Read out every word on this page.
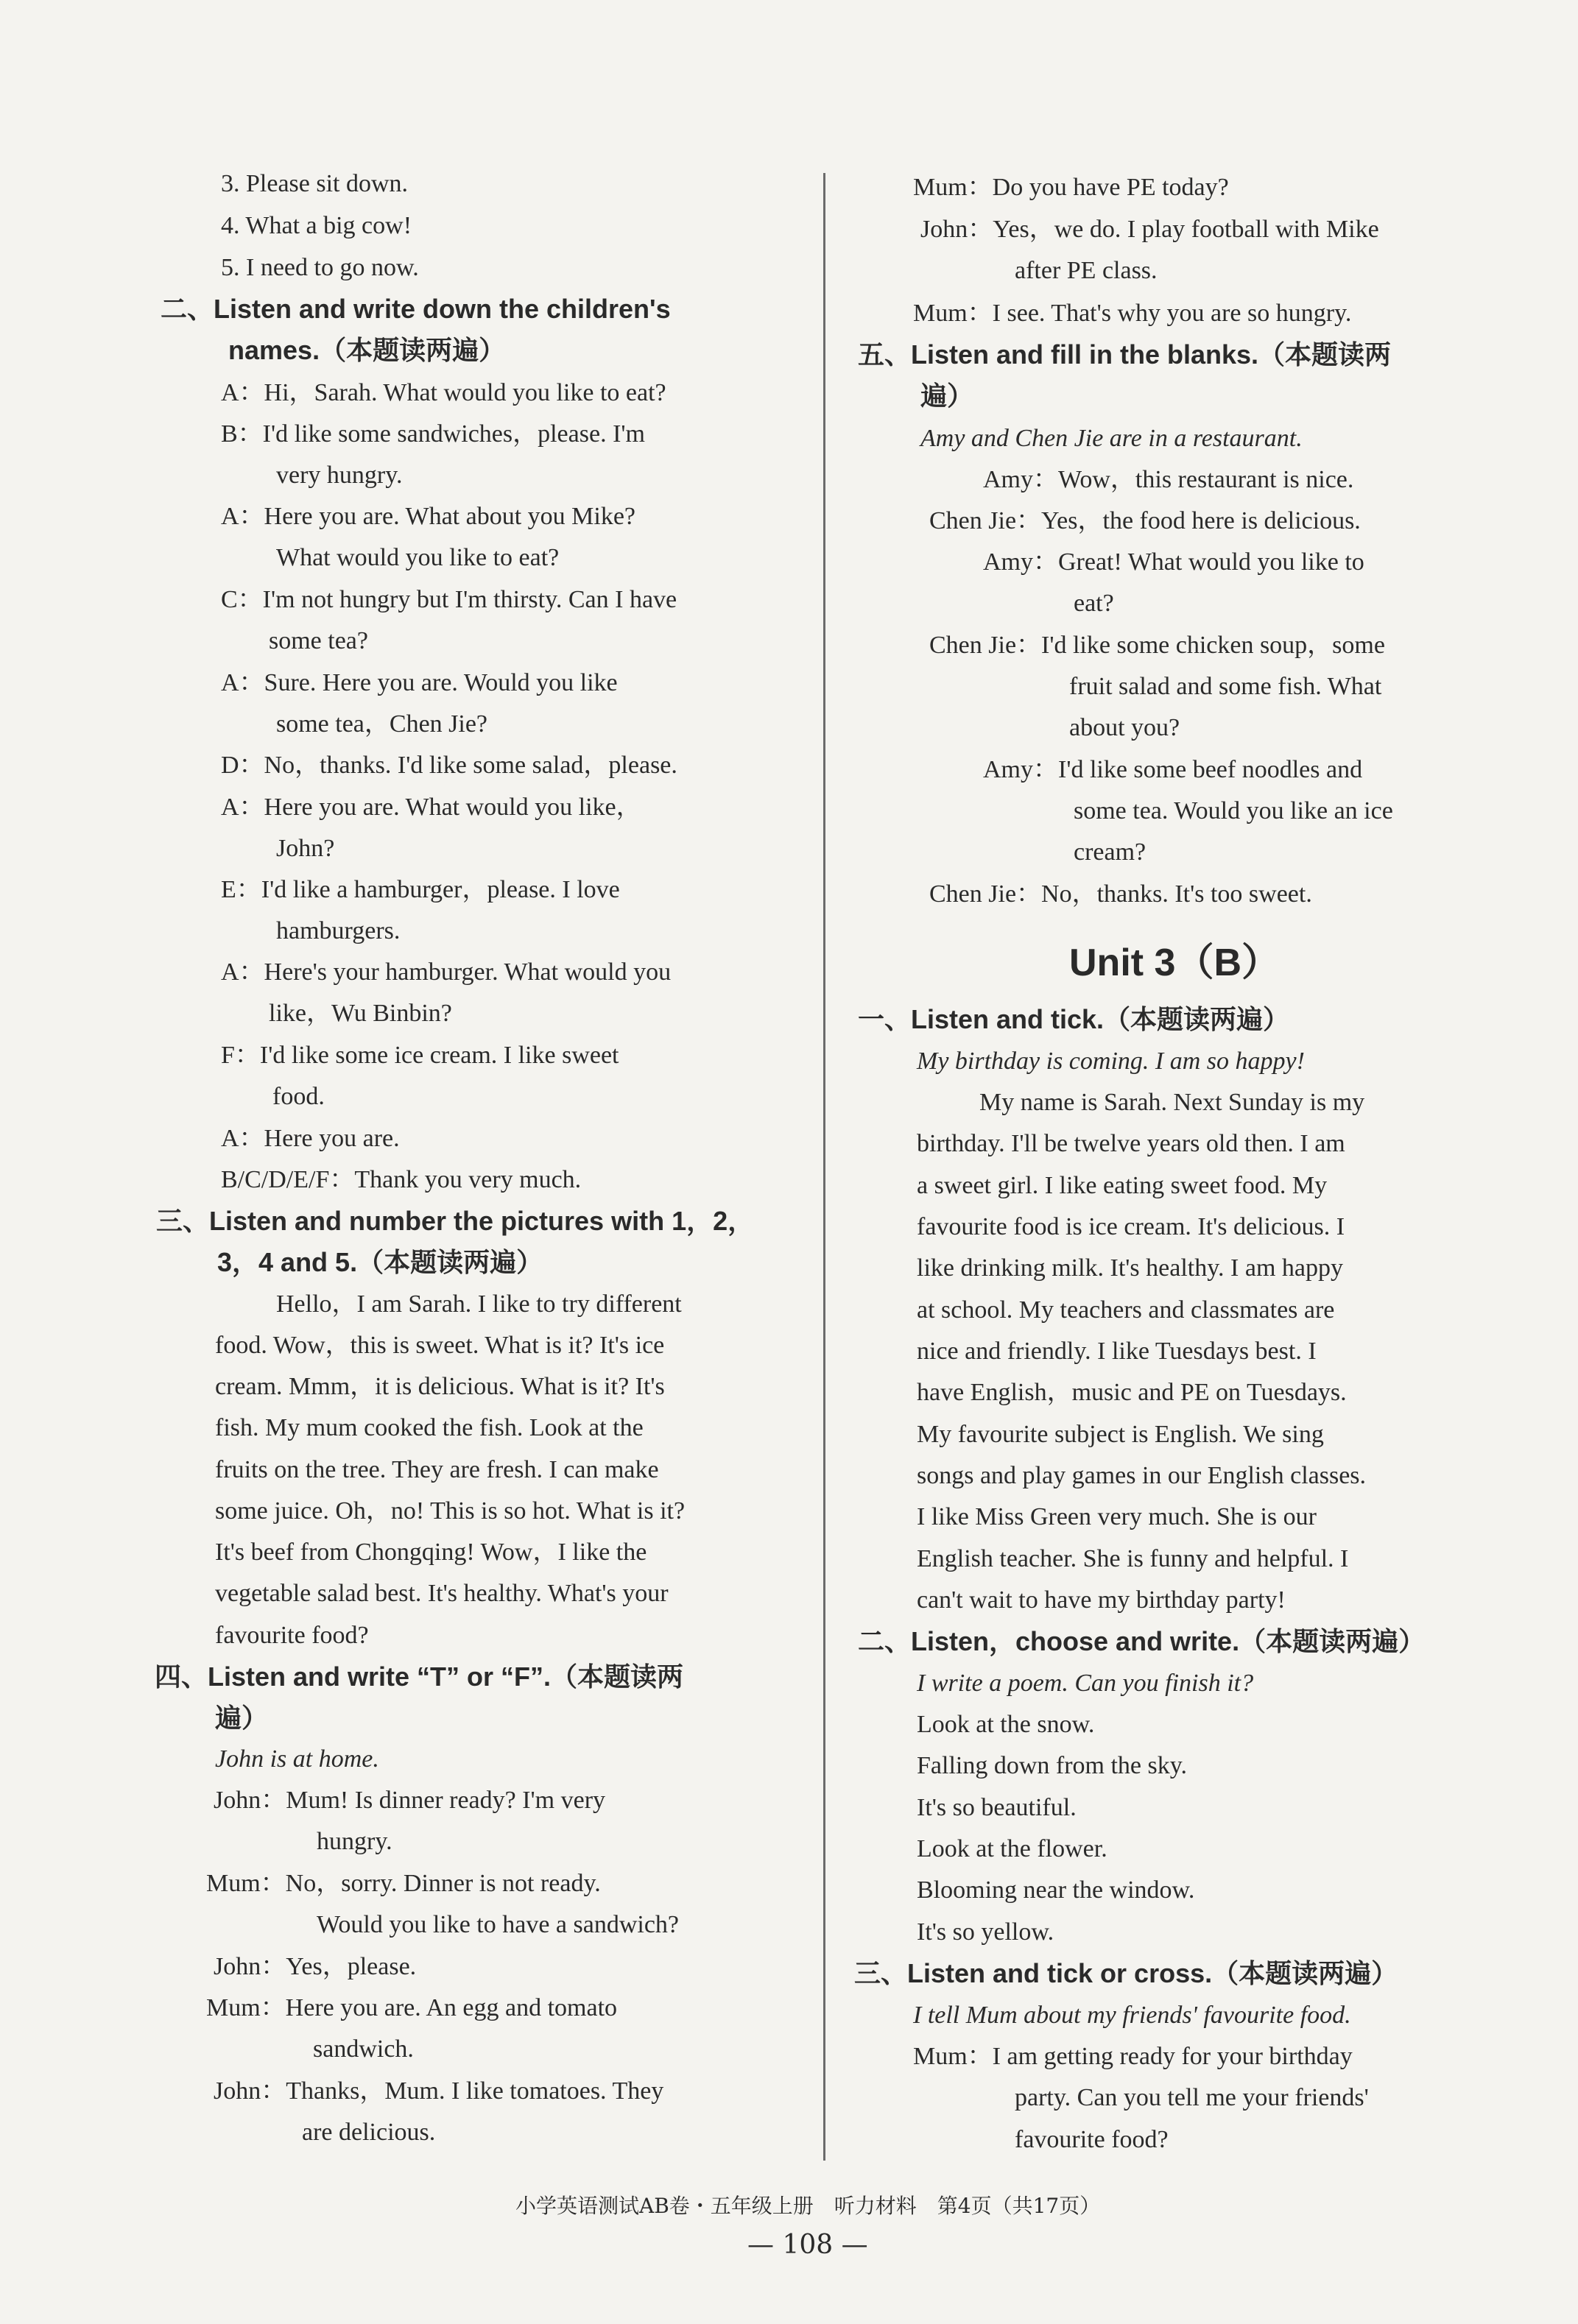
3. Please sit down.
4. What a big cow!
5. I need to go now.
二、Listen and write down the children's
names.（本题读两遍）
A：Hi，Sarah. What would you like to eat?
B：I'd like some sandwiches，please. I'm
very hungry.
A：Here you are. What about you Mike?
What would you like to eat?
C：I'm not hungry but I'm thirsty. Can I have
some tea?
A：Sure. Here you are. Would you like
some tea，Chen Jie?
D：No，thanks. I'd like some salad，please.
A：Here you are. What would you like，
John?
E：I'd like a hamburger，please. I love
hamburgers.
A：Here's your hamburger. What would you
like，Wu Binbin?
F：I'd like some ice cream. I like sweet
food.
A：Here you are.
B/C/D/E/F：Thank you very much.
三、Listen and number the pictures with 1，2，
3，4 and 5.（本题读两遍）
Hello，I am Sarah. I like to try different
food. Wow，this is sweet. What is it? It's ice
cream. Mmm，it is delicious. What is it? It's
fish. My mum cooked the fish. Look at the
fruits on the tree. They are fresh. I can make
some juice. Oh，no! This is so hot. What is it?
It's beef from Chongqing! Wow，I like the
vegetable salad best. It's healthy. What's your
favourite food?
四、Listen and write “T” or “F”.（本题读两
遍）
John is at home.
John：Mum! Is dinner ready? I'm very
hungry.
Mum：No，sorry. Dinner is not ready.
Would you like to have a sandwich?
John：Yes，please.
Mum：Here you are. An egg and tomato
sandwich.
John：Thanks，Mum. I like tomatoes. They
are delicious.
Mum：Do you have PE today?
John：Yes，we do. I play football with Mike
after PE class.
Mum：I see. That's why you are so hungry.
五、Listen and fill in the blanks.（本题读两
遍）
Amy and Chen Jie are in a restaurant.
Amy：Wow，this restaurant is nice.
Chen Jie：Yes，the food here is delicious.
Amy：Great! What would you like to
eat?
Chen Jie：I'd like some chicken soup，some
fruit salad and some fish. What
about you?
Amy：I'd like some beef noodles and
some tea. Would you like an ice
cream?
Chen Jie：No，thanks. It's too sweet.
Unit 3（B）
一、Listen and tick.（本题读两遍）
My birthday is coming. I am so happy!
My name is Sarah. Next Sunday is my
birthday. I'll be twelve years old then. I am
a sweet girl. I like eating sweet food. My
favourite food is ice cream. It's delicious. I
like drinking milk. It's healthy. I am happy
at school. My teachers and classmates are
nice and friendly. I like Tuesdays best. I
have English，music and PE on Tuesdays.
My favourite subject is English. We sing
songs and play games in our English classes.
I like Miss Green very much. She is our
English teacher. She is funny and helpful. I
can't wait to have my birthday party!
二、Listen，choose and write.（本题读两遍）
I write a poem. Can you finish it?
Look at the snow.
Falling down from the sky.
It's so beautiful.
Look at the flower.
Blooming near the window.
It's so yellow.
三、Listen and tick or cross.（本题读两遍）
I tell Mum about my friends' favourite food.
Mum：I am getting ready for your birthday
party. Can you tell me your friends'
favourite food?
小学英语测试AB卷・五年级上册　听力材料　第4页（共17页）
— 108 —
